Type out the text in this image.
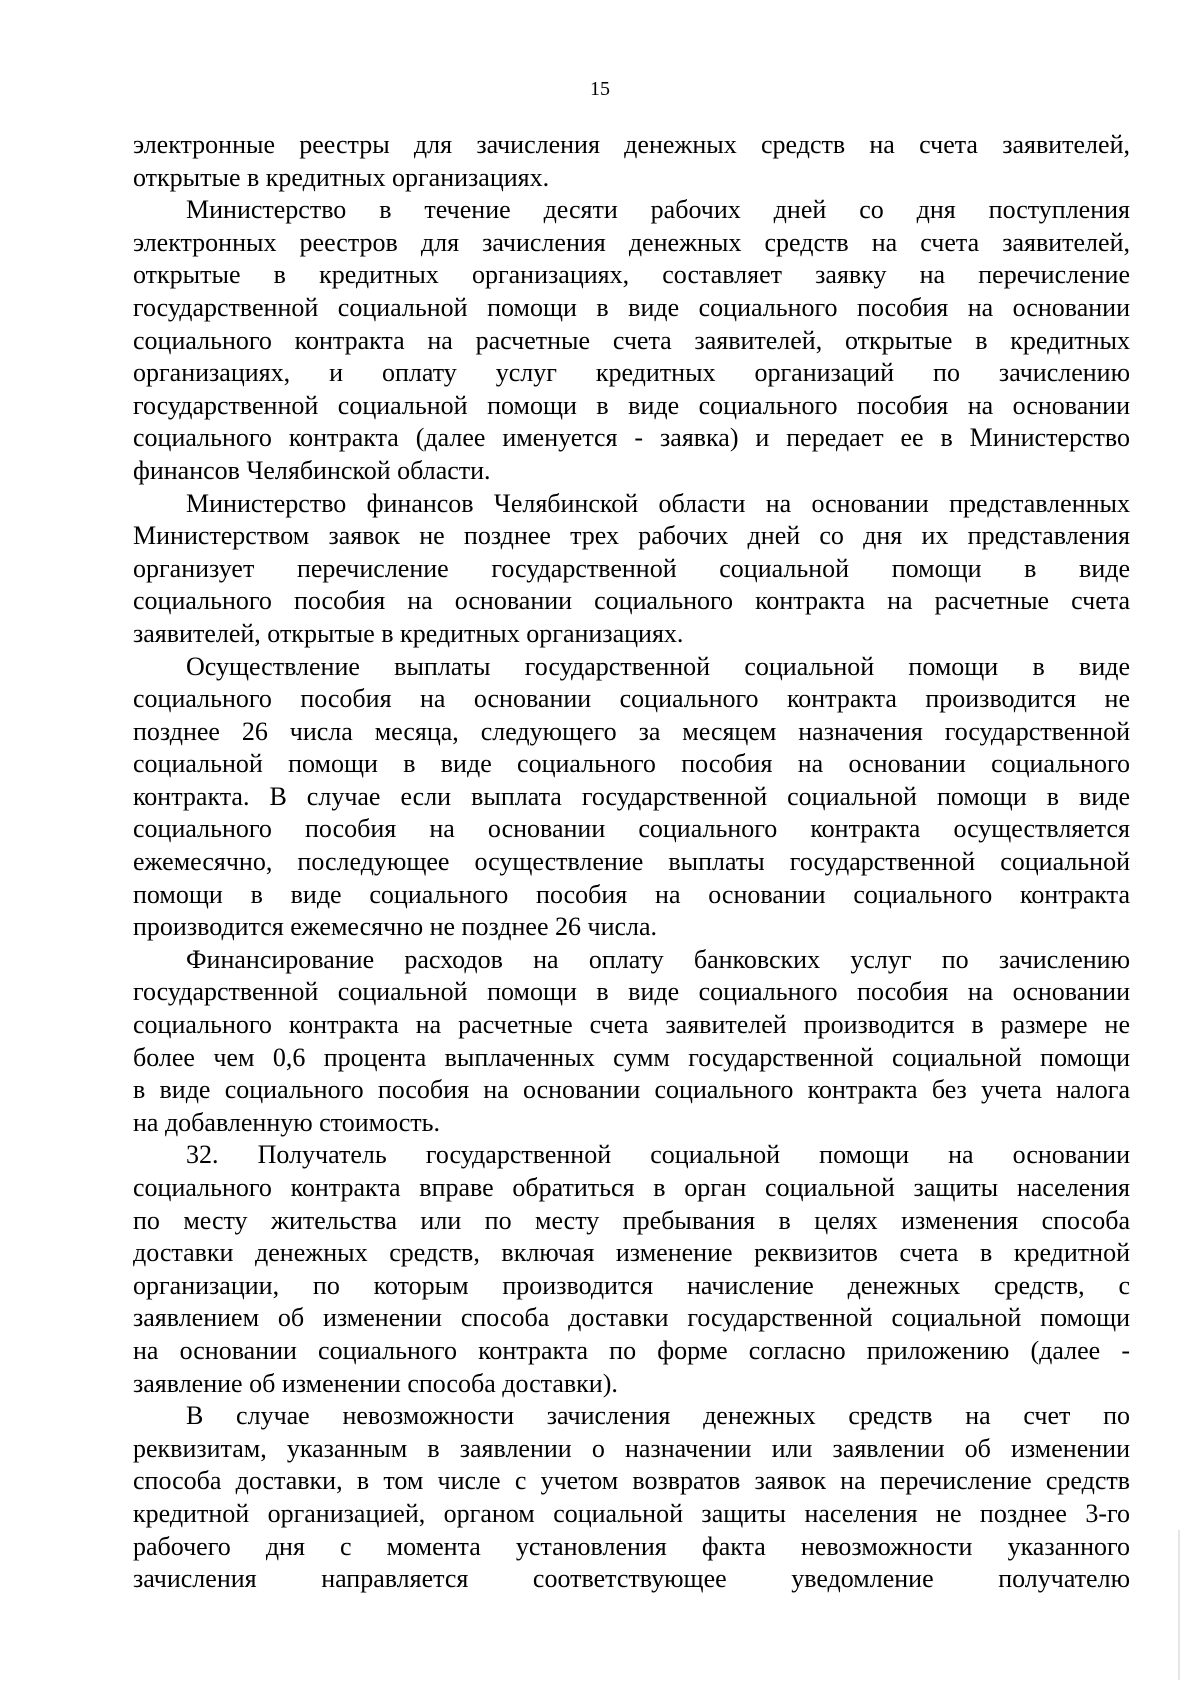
15
электронные реестры для зачисления денежных средств на счета заявителей,
открытые в кредитных организациях.
Министерство в течение десяти рабочих дней со дня поступления
электронных реестров для зачисления денежных средств на счета заявителей,
открытые в кредитных организациях, составляет заявку на перечисление
государственной социальной помощи в виде социального пособия на основании
социального контракта на расчетные счета заявителей, открытые в кредитных
организациях, и оплату услуг кредитных организаций по зачислению
государственной социальной помощи в виде социального пособия на основании
социального контракта (далее именуется - заявка) и передает ее в Министерство
финансов Челябинской области.
Министерство финансов Челябинской области на основании представленных
Министерством заявок не позднее трех рабочих дней со дня их представления
организует перечисление государственной социальной помощи в виде
социального пособия на основании социального контракта на расчетные счета
заявителей, открытые в кредитных организациях.
Осуществление выплаты государственной социальной помощи в виде
социального пособия на основании социального контракта производится не
позднее 26 числа месяца, следующего за месяцем назначения государственной
социальной помощи в виде социального пособия на основании социального
контракта. В случае если выплата государственной социальной помощи в виде
социального пособия на основании социального контракта осуществляется
ежемесячно, последующее осуществление выплаты государственной социальной
помощи в виде социального пособия на основании социального контракта
производится ежемесячно не позднее 26 числа.
Финансирование расходов на оплату банковских услуг по зачислению
государственной социальной помощи в виде социального пособия на основании
социального контракта на расчетные счета заявителей производится в размере не
более чем 0,6 процента выплаченных сумм государственной социальной помощи
в виде социального пособия на основании социального контракта без учета налога
на добавленную стоимость.
32. Получатель государственной социальной помощи на основании
социального контракта вправе обратиться в орган социальной защиты населения
по месту жительства или по месту пребывания в целях изменения способа
доставки денежных средств, включая изменение реквизитов счета в кредитной
организации, по которым производится начисление денежных средств, с
заявлением об изменении способа доставки государственной социальной помощи
на основании социального контракта по форме согласно приложению (далее -
заявление об изменении способа доставки).
В случае невозможности зачисления денежных средств на счет по
реквизитам, указанным в заявлении о назначении или заявлении об изменении
способа доставки, в том числе с учетом возвратов заявок на перечисление средств
кредитной организацией, органом социальной защиты населения не позднее 3-го
рабочего дня с момента установления факта невозможности указанного
зачисления направляется соответствующее уведомление получателю
